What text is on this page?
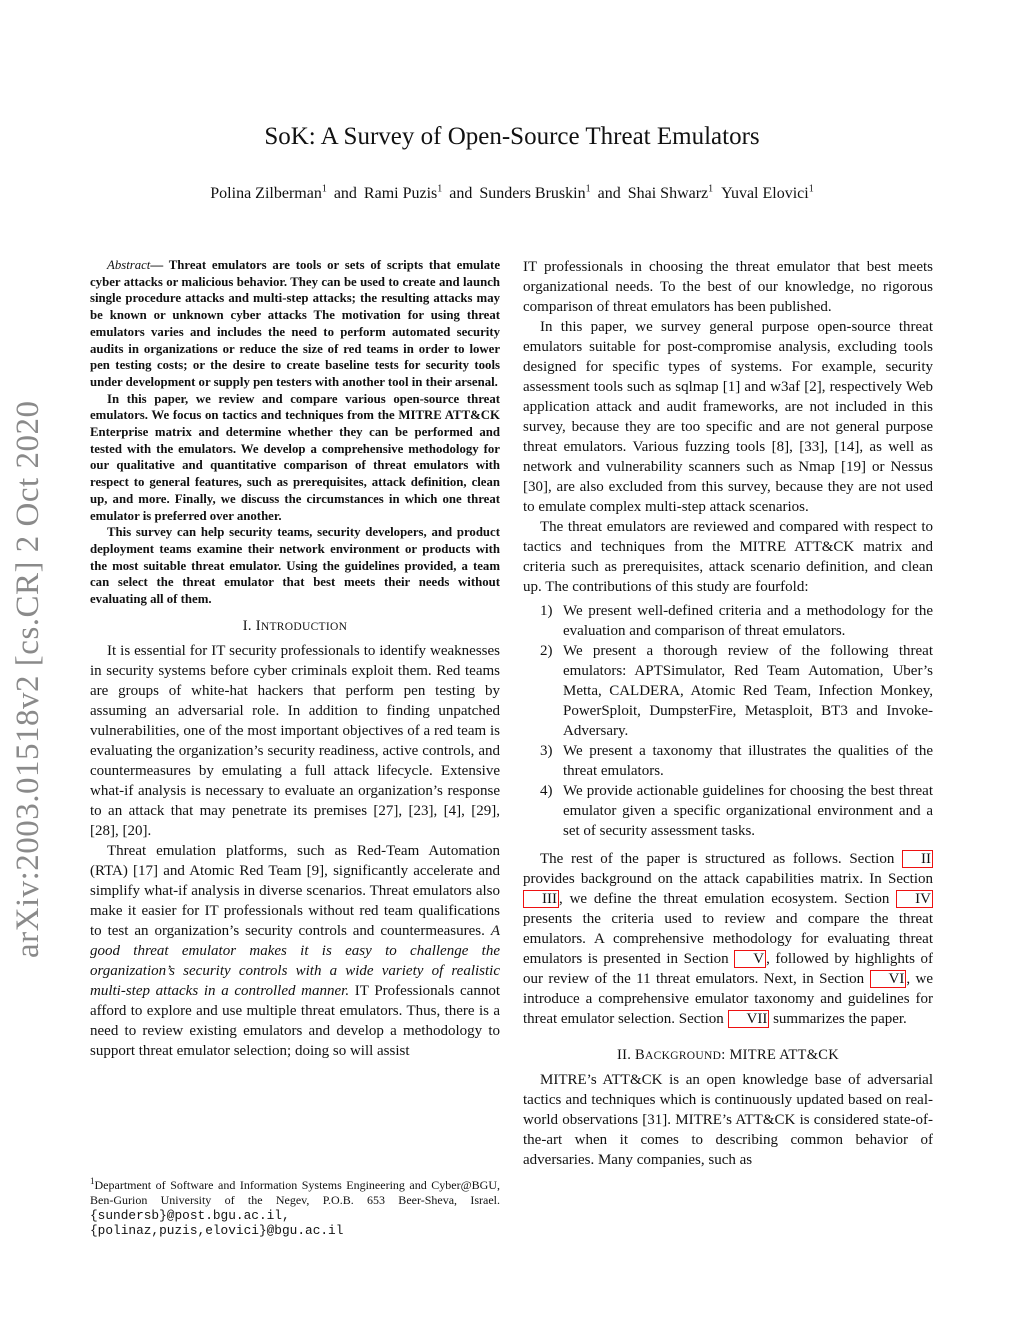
arXiv:2003.01518v2 [cs.CR] 2 Oct 2020
SoK: A Survey of Open-Source Threat Emulators
Polina Zilberman$^1$ and Rami Puzis$^1$ and Sunders Bruskin$^1$ and Shai Shwarz$^1$ Yuval Elovici$^1$

Abstract— Threat emulators are tools or sets of scripts that emulate cyber attacks or malicious behavior. They can be used to create and launch single procedure attacks and multi-step attacks; the resulting attacks may be known or unknown cyber attacks The motivation for using threat emulators varies and includes the need to perform automated security audits in organizations or reduce the size of red teams in order to lower pen testing costs; or the desire to create baseline tests for security tools under development or supply pen testers with another tool in their arsenal.

In this paper, we review and compare various open-source threat emulators. We focus on tactics and techniques from the MITRE ATT&CK Enterprise matrix and determine whether they can be performed and tested with the emulators. We develop a comprehensive methodology for our qualitative and quantitative comparison of threat emulators with respect to general features, such as prerequisites, attack definition, clean up, and more. Finally, we discuss the circumstances in which one threat emulator is preferred over another.

This survey can help security teams, security developers, and product deployment teams examine their network environment or products with the most suitable threat emulator. Using the guidelines provided, a team can select the threat emulator that best meets their needs without evaluating all of them.

I. INTRODUCTION

It is essential for IT security professionals to identify weaknesses in security systems before cyber criminals exploit them. Red teams are groups of white-hat hackers that perform pen testing by assuming an adversarial role. In addition to finding unpatched vulnerabilities, one of the most important objectives of a red team is evaluating the organization’s security readiness, active controls, and countermeasures by emulating a full attack lifecycle. Extensive what-if analysis is necessary to evaluate an organization’s response to an attack that may penetrate its premises [27], [23], [4], [29], [28], [20].

Threat emulation platforms, such as Red-Team Automation (RTA) [17] and Atomic Red Team [9], significantly accelerate and simplify what-if analysis in diverse scenarios. Threat emulators also make it easier for IT professionals without red team qualifications to test an organization’s security controls and countermeasures. A good threat emulator makes it is easy to challenge the organization’s security controls with a wide variety of realistic multi-step attacks in a controlled manner. IT Professionals cannot afford to explore and use multiple threat emulators. Thus, there is a need to review existing emulators and develop a methodology to support threat emulator selection; doing so will assist

$^1$Department of Software and Information Systems Engineering and Cyber@BGU, Ben-Gurion University of the Negev, P.O.B. 653 Beer-Sheva, Israel. {sundersb}@post.bgu.ac.il, {polinaz,puzis,elovici}@bgu.ac.il

IT professionals in choosing the threat emulator that best meets organizational needs. To the best of our knowledge, no rigorous comparison of threat emulators has been published.

In this paper, we survey general purpose open-source threat emulators suitable for post-compromise analysis, excluding tools designed for specific types of systems. For example, security assessment tools such as sqlmap [1] and w3af [2], respectively Web application attack and audit frameworks, are not included in this survey, because they are too specific and are not general purpose threat emulators. Various fuzzing tools [8], [33], [14], as well as network and vulnerability scanners such as Nmap [19] or Nessus [30], are also excluded from this survey, because they are not used to emulate complex multi-step attack scenarios.

The threat emulators are reviewed and compared with respect to tactics and techniques from the MITRE ATT&CK matrix and criteria such as prerequisites, attack scenario definition, and clean up. The contributions of this study are fourfold:

1) We present well-defined criteria and a methodology for the evaluation and comparison of threat emulators.
2) We present a thorough review of the following threat emulators: APTSimulator, Red Team Automation, Uber’s Metta, CALDERA, Atomic Red Team, Infection Monkey, PowerSploit, DumpsterFire, Metasploit, BT3 and Invoke-Adversary.
3) We present a taxonomy that illustrates the qualities of the threat emulators.
4) We provide actionable guidelines for choosing the best threat emulator given a specific organizational environment and a set of security assessment tasks.

The rest of the paper is structured as follows. Section II provides background on the attack capabilities matrix. In Section III , we define the threat emulation ecosystem. Section IV presents the criteria used to review and compare the threat emulators. A comprehensive methodology for evaluating threat emulators is presented in Section V , followed by highlights of our review of the 11 threat emulators. Next, in Section VI , we introduce a comprehensive emulator taxonomy and guidelines for threat emulator selection. Section VII summarizes the paper.

II. BACKGROUND: MITRE ATT&CK

MITRE’s ATT&CK is an open knowledge base of adversarial tactics and techniques which is continuously updated based on real-world observations [31]. MITRE’s ATT&CK is considered state-of-the-art when it comes to describing common behavior of adversaries. Many companies, such as
